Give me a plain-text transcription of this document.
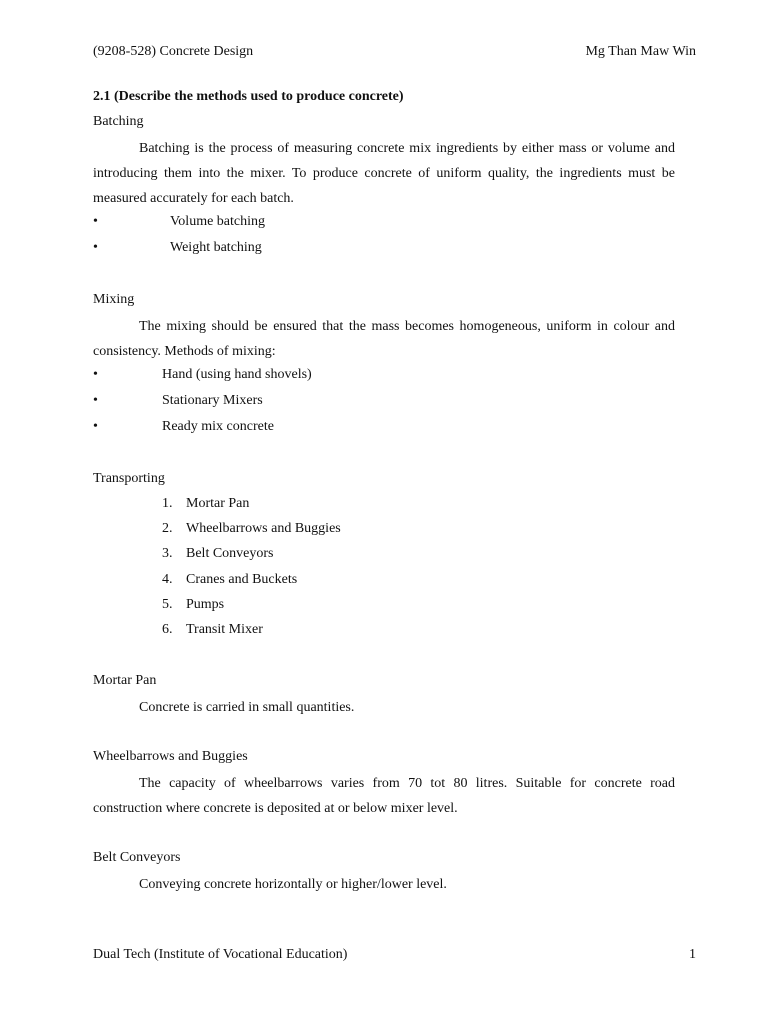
(9208-528) Concrete Design	Mg Than Maw Win
2.1 (Describe the methods used to produce concrete)
Batching
Batching is the process of measuring concrete mix ingredients by either mass or volume and introducing them into the mixer. To produce concrete of uniform quality, the ingredients must be measured accurately for each batch.
•	Volume batching
•	Weight batching
Mixing
The mixing should be ensured that the mass becomes homogeneous, uniform in colour and consistency. Methods of mixing:
•	Hand (using hand shovels)
•	Stationary Mixers
•	Ready mix concrete
Transporting
1. Mortar Pan
2. Wheelbarrows and Buggies
3. Belt Conveyors
4. Cranes and Buckets
5. Pumps
6. Transit Mixer
Mortar Pan
Concrete is carried in small quantities.
Wheelbarrows and Buggies
The capacity of wheelbarrows varies from 70 tot 80 litres. Suitable for concrete road construction where concrete is deposited at or below mixer level.
Belt Conveyors
Conveying concrete horizontally or higher/lower level.
Dual Tech (Institute of Vocational Education)	1
